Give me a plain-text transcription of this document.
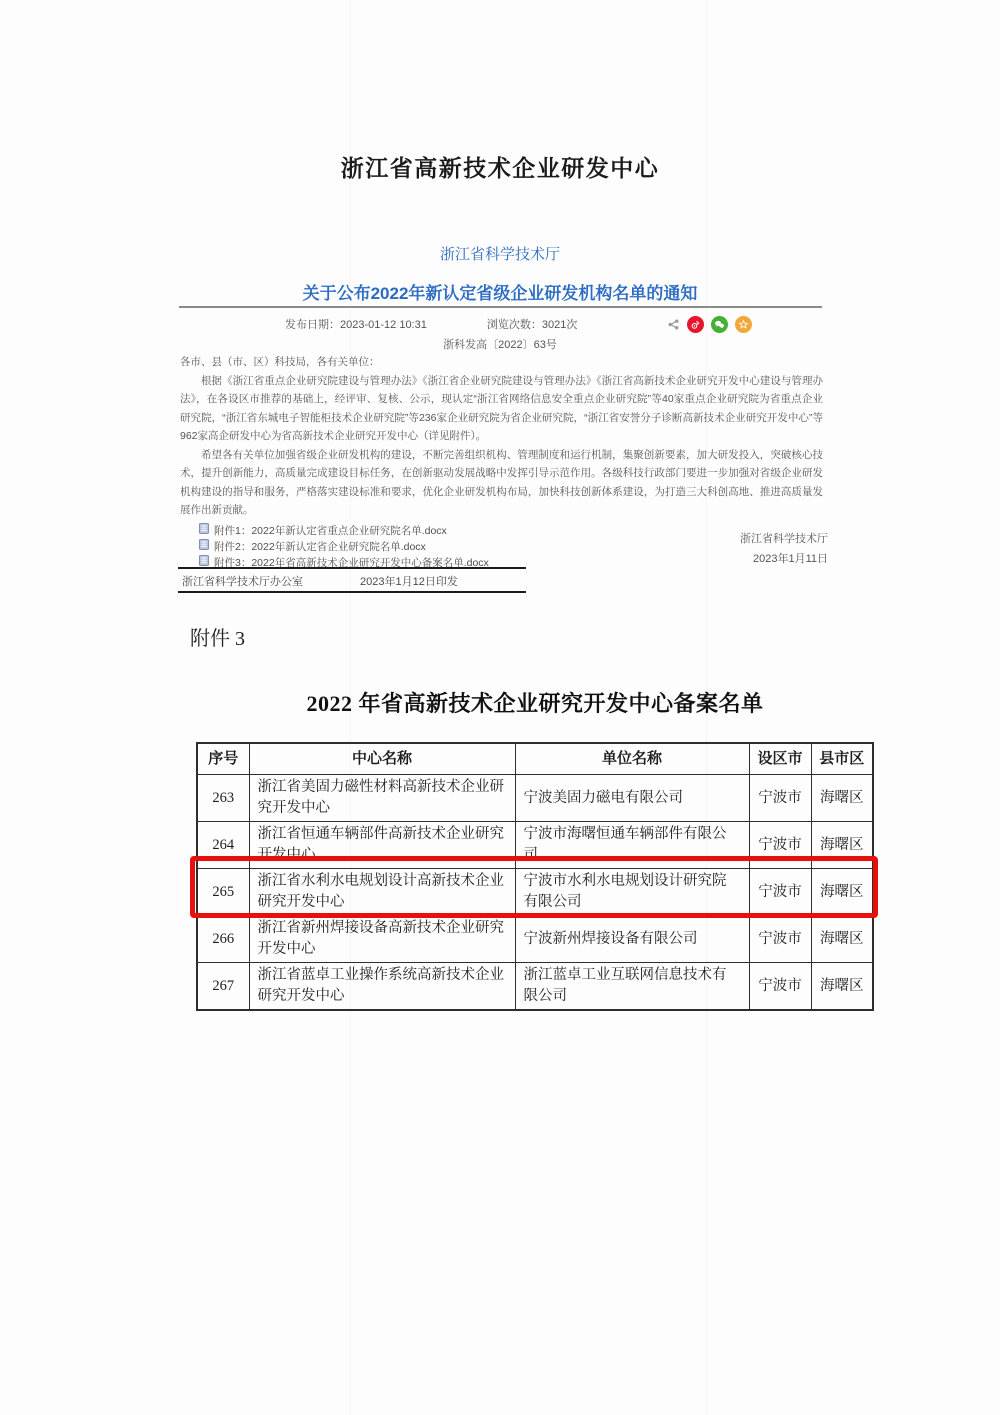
浙江省高新技术企业研发中心
浙江省科学技术厅
关于公布2022年新认定省级企业研发机构名单的通知
发布日期：2023-01-12 10:31	浏览次数：3021次
浙科发高〔2022〕63号

各市、县（市、区）科技局，各有关单位：

根据《浙江省重点企业研究院建设与管理办法》《浙江省企业研究院建设与管理办法》《浙江省高新技术企业研究开发中心建设与管理办法》，在各设区市推荐的基础上，经评审、复核、公示，现认定“浙江省网络信息安全重点企业研究院”等40家重点企业研究院为省重点企业研究院，“浙江省东城电子智能柜技术企业研究院”等236家企业研究院为省企业研究院，“浙江省安誉分子诊断高新技术企业研究开发中心”等962家高企研发中心为省高新技术企业研究开发中心（详见附件）。

希望各有关单位加强省级企业研发机构的建设，不断完善组织机构、管理制度和运行机制，集聚创新要素，加大研发投入，突破核心技术，提升创新能力，高质量完成建设目标任务，在创新驱动发展战略中发挥引导示范作用。各级科技行政部门要进一步加强对省级企业研发机构建设的指导和服务，严格落实建设标准和要求，优化企业研发机构布局，加快科技创新体系建设，为打造三大科创高地、推进高质量发展作出新贡献。

附件1：2022年新认定省重点企业研究院名单.docx
附件2：2022年新认定省企业研究院名单.docx
附件3：2022年省高新技术企业研究开发中心备案名单.docx
浙江省科学技术厅
2023年1月11日
浙江省科学技术厅办公室	2023年1月12日印发
附件 3
2022 年省高新技术企业研究开发中心备案名单
序号	中心名称	单位名称	设区市	县市区
263	浙江省美固力磁性材料高新技术企业研究开发中心	宁波美固力磁电有限公司	宁波市	海曙区
264	浙江省恒通车辆部件高新技术企业研究开发中心	宁波市海曙恒通车辆部件有限公司	宁波市	海曙区
265	浙江省水利水电规划设计高新技术企业研究开发中心	宁波市水利水电规划设计研究院有限公司	宁波市	海曙区
266	浙江省新州焊接设备高新技术企业研究开发中心	宁波新州焊接设备有限公司	宁波市	海曙区
267	浙江省蓝卓工业操作系统高新技术企业研究开发中心	浙江蓝卓工业互联网信息技术有限公司	宁波市	海曙区
